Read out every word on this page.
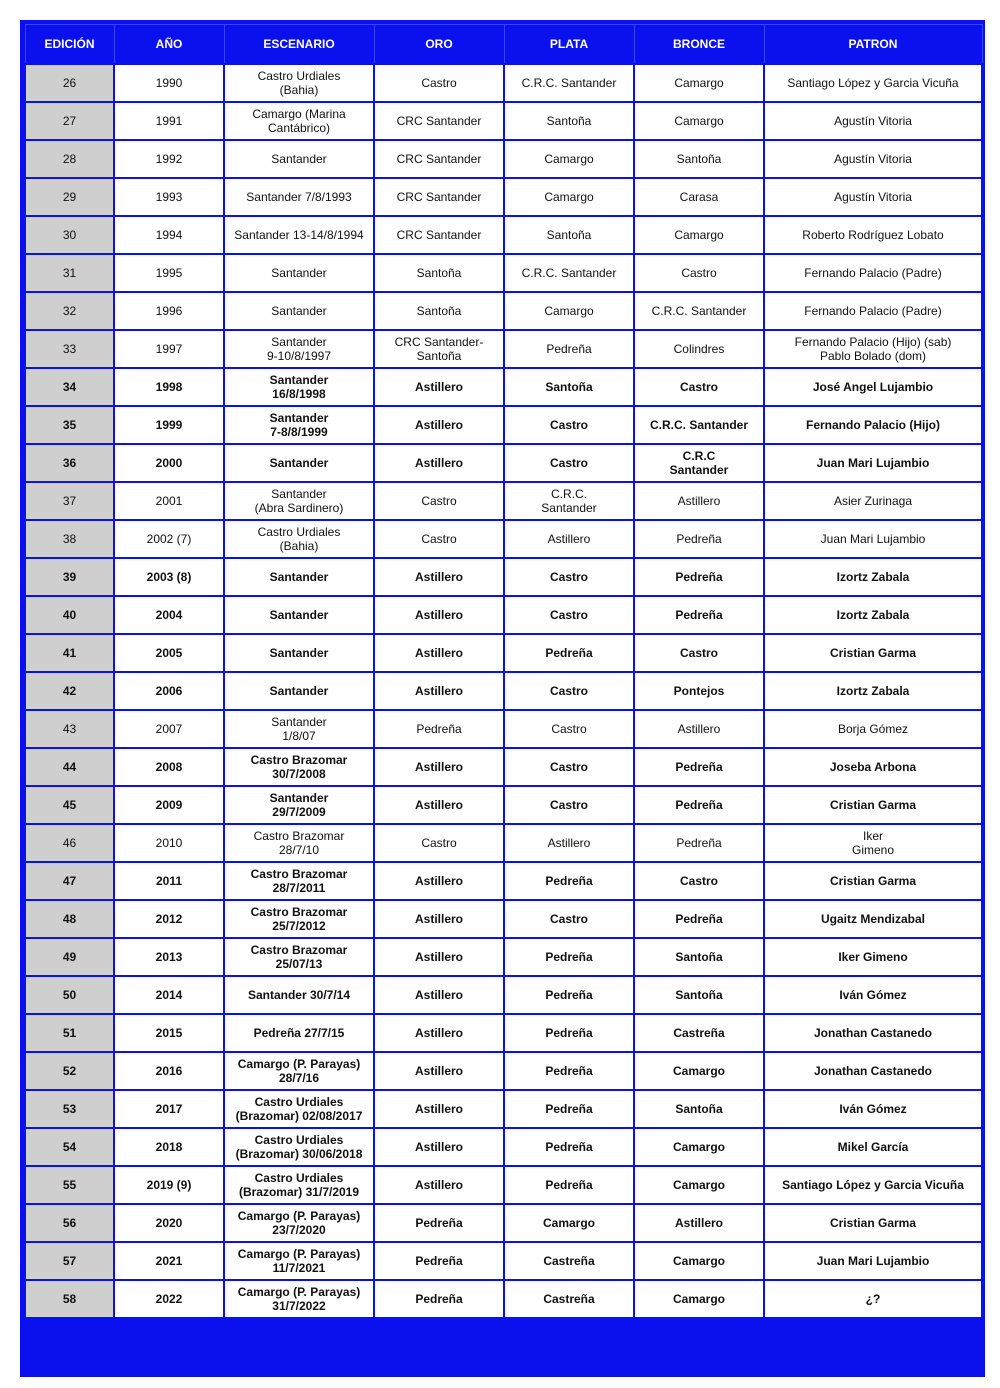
EDICIÓN	AÑO	ESCENARIO	ORO	PLATA	BRONCE	PATRON
26	1990	Castro Urdiales
(Bahia)	Castro	C.R.C. Santander	Camargo	Santiago López y Garcia Vicuña
27	1991	Camargo (Marina
Cantábrico)	CRC Santander	Santoña	Camargo	Agustín Vitoria
28	1992	Santander	CRC Santander	Camargo	Santoña	Agustín Vitoria
29	1993	Santander 7/8/1993	CRC Santander	Camargo	Carasa	Agustín Vitoria
30	1994	Santander 13-14/8/1994	CRC Santander	Santoña	Camargo	Roberto Rodríguez Lobato
31	1995	Santander	Santoña	C.R.C. Santander	Castro	Fernando Palacio (Padre)
32	1996	Santander	Santoña	Camargo	C.R.C. Santander	Fernando Palacio (Padre)
33	1997	Santander
9-10/8/1997	CRC Santander-
Santoña	Pedreña	Colindres	Fernando Palacio (Hijo) (sab)
Pablo Bolado (dom)
34	1998	Santander
16/8/1998	Astillero	Santoña	Castro	José Angel Lujambio
35	1999	Santander
7-8/8/1999	Astillero	Castro	C.R.C. Santander	Fernando Palacio (Hijo)
36	2000	Santander	Astillero	Castro	C.R.C
Santander	Juan Mari Lujambio
37	2001	Santander
(Abra Sardinero)	Castro	C.R.C.
Santander	Astillero	Asier Zurinaga
38	2002 (7)	Castro Urdiales
(Bahia)	Castro	Astillero	Pedreña	Juan Mari Lujambio
39	2003 (8)	Santander	Astillero	Castro	Pedreña	Izortz Zabala
40	2004	Santander	Astillero	Castro	Pedreña	Izortz Zabala
41	2005	Santander	Astillero	Pedreña	Castro	Cristian Garma
42	2006	Santander	Astillero	Castro	Pontejos	Izortz Zabala
43	2007	Santander
1/8/07	Pedreña	Castro	Astillero	Borja Gómez
44	2008	Castro Brazomar
30/7/2008	Astillero	Castro	Pedreña	Joseba Arbona
45	2009	Santander
29/7/2009	Astillero	Castro	Pedreña	Cristian Garma
46	2010	Castro Brazomar
28/7/10	Castro	Astillero	Pedreña	Iker
Gimeno
47	2011	Castro Brazomar
28/7/2011	Astillero	Pedreña	Castro	Cristian Garma
48	2012	Castro Brazomar
25/7/2012	Astillero	Castro	Pedreña	Ugaitz Mendizabal
49	2013	Castro Brazomar
25/07/13	Astillero	Pedreña	Santoña	Iker Gimeno
50	2014	Santander 30/7/14	Astillero	Pedreña	Santoña	Iván Gómez
51	2015	Pedreña 27/7/15	Astillero	Pedreña	Castreña	Jonathan Castanedo
52	2016	Camargo (P. Parayas)
28/7/16	Astillero	Pedreña	Camargo	Jonathan Castanedo
53	2017	Castro Urdiales
(Brazomar) 02/08/2017	Astillero	Pedreña	Santoña	Iván Gómez
54	2018	Castro Urdiales
(Brazomar) 30/06/2018	Astillero	Pedreña	Camargo	Mikel García
55	2019 (9)	Castro Urdiales
(Brazomar) 31/7/2019	Astillero	Pedreña	Camargo	Santiago López y Garcia Vicuña
56	2020	Camargo (P. Parayas)
23/7/2020	Pedreña	Camargo	Astillero	Cristian Garma
57	2021	Camargo (P. Parayas)
11/7/2021	Pedreña	Castreña	Camargo	Juan Mari Lujambio
58	2022	Camargo (P. Parayas)
31/7/2022	Pedreña	Castreña	Camargo	¿?
